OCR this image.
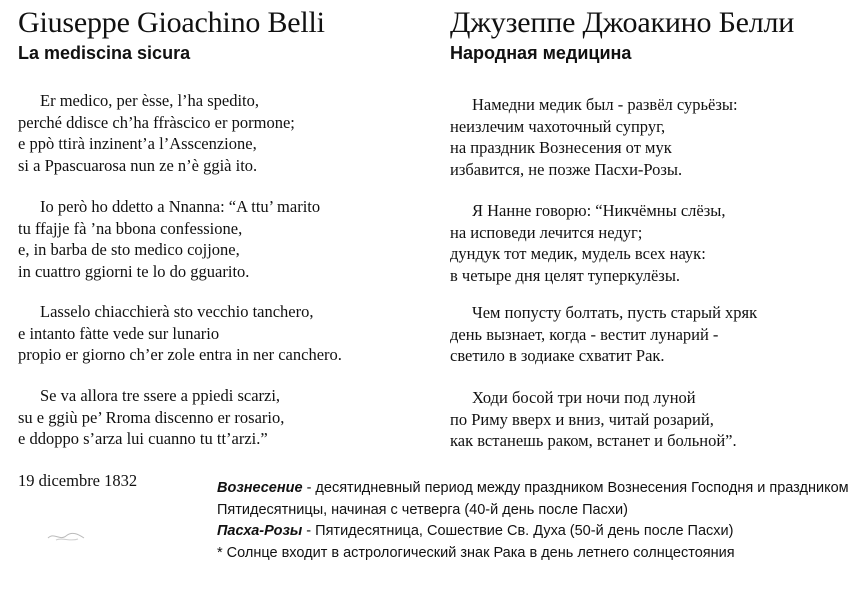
Giuseppe Gioachino Belli
La mediscina sicura
Er medico, per èsse, l’ha spedito,
perché ddisce ch’ha ffràscico er pormone;
e ppò ttirà inzinent’a l’Asscenzione,
si a Ppascuarosa nun ze n’è ggià ito.
Io però ho ddetto a Nnanna: “A ttu’ marito
tu ffajje fà ’na bbona confessione,
e, in barba de sto medico cojjone,
in cuattro ggiorni te lo do gguarito.
Lasselo chiacchierà sto vecchio tanchero,
e intanto fàtte vede sur lunario
propio er giorno ch’er zole entra in ner canchero.
Se va allora tre ssere a ppiedi scarzi,
su e ggiù pe’ Rroma discenno er rosario,
e ddoppo s’arza lui cuanno tu tt’arzi.”
19 dicembre 1832
Джузеппе Джоакино Белли
Народная медицина
Намедни медик был - развёл сурьёзы:
неизлечим чахоточный супруг,
на праздник Вознесения от мук
избавится, не позже Пасхи-Розы.
Я Нанне говорю: “Никчёмны слёзы,
на исповеди лечится недуг;
дундук тот медик, мудель всех наук:
в четыре дня целят туперкулёзы.
Чем попусту болтать, пусть старый хряк
день вызнает, когда - вестит лунарий -
светило в зодиаке схватит Рак.
Ходи босой три ночи под луной
по Риму вверх и вниз, читай розарий,
как встанешь раком, встанет и больной”.
Вознесение - десятидневный период между праздником Вознесения Господня и праздником Пятидесятницы, начиная с четверга (40-й день после Пасхи)
Пасха-Розы - Пятидесятница, Сошествие Св. Духа (50-й день после Пасхи)
* Солнце входит в астрологический знак Рака в день летнего солнцестояния
